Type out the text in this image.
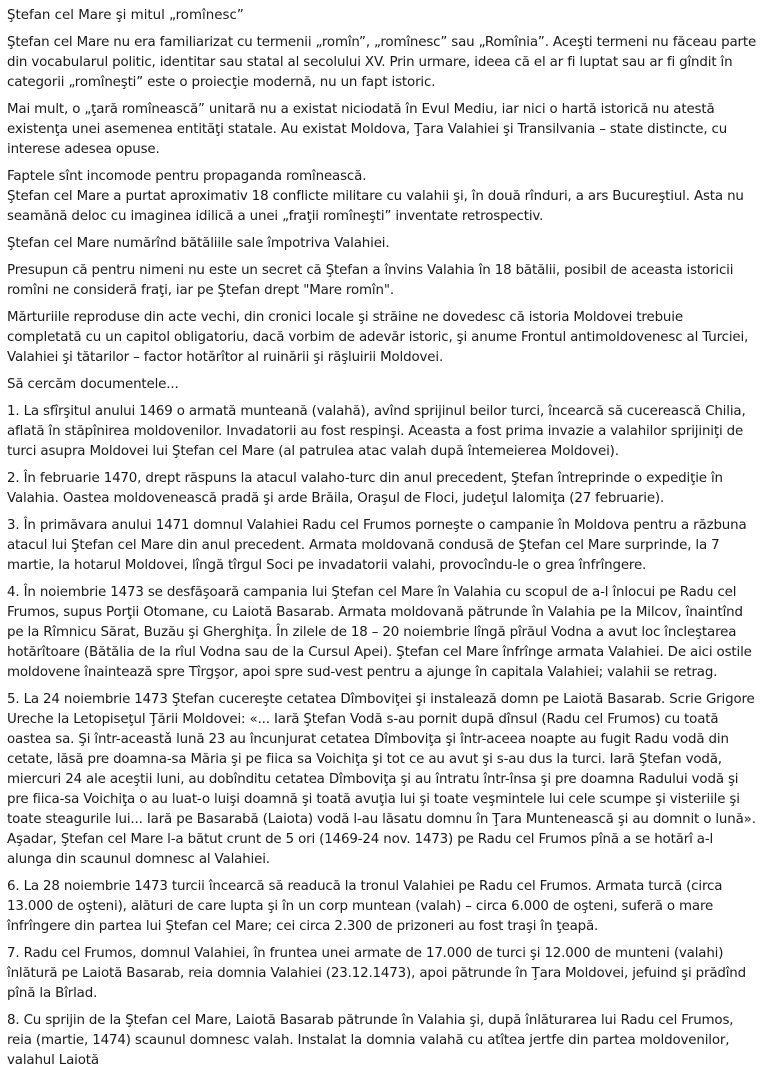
Ştefan cel Mare şi mitul „romînesc”
Ştefan cel Mare nu era familiarizat cu termenii „romîn”, „romînesc” sau „Romînia”. Aceşti termeni nu făceau parte din vocabularul politic, identitar sau statal al secolului XV. Prin urmare, ideea că el ar fi luptat sau ar fi gîndit în categorii „romîneşti” este o proiecţie modernă, nu un fapt istoric.
Mai mult, o „ţară romînească” unitară nu a existat niciodată în Evul Mediu, iar nici o hartă istorică nu atestă existenţa unei asemenea entităţi statale. Au existat Moldova, Ţara Valahiei şi Transilvania – state distincte, cu interese adesea opuse.
Faptele sînt incomode pentru propaganda romînească.
Ştefan cel Mare a purtat aproximativ 18 conflicte militare cu valahii şi, în două rînduri, a ars Bucureştiul. Asta nu seamănă deloc cu imaginea idilică a unei „fraţii romîneşti” inventate retrospectiv.
Ştefan cel Mare numărînd bătăliile sale împotriva Valahiei.
Presupun că pentru nimeni nu este un secret că Ştefan a învins Valahia în 18 bătălii, posibil de aceasta istoricii romîni ne consideră fraţi, iar pe Ştefan drept "Mare romîn".
Mărturiile reproduse din acte vechi, din cronici locale şi străine ne dovedesc că istoria Moldovei trebuie completată cu un capitol obligatoriu, dacă vorbim de adevăr istoric, şi anume Frontul antimoldovenesc al Turciei, Valahiei şi tătarilor – factor hotărîtor al ruinării şi răşluirii Moldovei.
Să cercăm documentele...
1. La sfîrşitul anului 1469 o armată munteană (valahă), avînd sprijinul beilor turci, încearcă să cucerească Chilia, aflată în stăpînirea moldovenilor. Invadatorii au fost respinşi. Aceasta a fost prima invazie a valahilor sprijiniţi de turci asupra Moldovei lui Ştefan cel Mare (al patrulea atac valah după întemeierea Moldovei).
2. În februarie 1470, drept răspuns la atacul valaho-turc din anul precedent, Ştefan întreprinde o expediţie în Valahia. Oastea moldovenească pradă şi arde Brăila, Oraşul de Floci, judeţul Ialomiţa (27 februarie).
3. În primăvara anului 1471 domnul Valahiei Radu cel Frumos porneşte o campanie în Moldova pentru a răzbuna atacul lui Ştefan cel Mare din anul precedent. Armata moldovană condusă de Ştefan cel Mare surprinde, la 7 martie, la hotarul Moldovei, lîngă tîrgul Soci pe invadatorii valahi, provocîndu-le o grea înfrîngere.
4. În noiembrie 1473 se desfăşoară campania lui Ştefan cel Mare în Valahia cu scopul de a-l înlocui pe Radu cel Frumos, supus Porţii Otomane, cu Laiotă Basarab. Armata moldovană pătrunde în Valahia pe la Milcov, înaintînd pe la Rîmnicu Sărat, Buzău şi Gherghiţa. În zilele de 18 – 20 noiembrie lîngă pîrăul Vodna a avut loc încleştarea hotărîtoare (Bătălia de la rîul Vodna sau de la Cursul Apei). Ştefan cel Mare înfrînge armata Valahiei. De aici ostile moldovene înaintează spre Tîrgşor, apoi spre sud-vest pentru a ajunge în capitala Valahiei; valahii se retrag.
5. La 24 noiembrie 1473 Ştefan cucereşte cetatea Dîmboviţei şi instalează domn pe Laiotă Basarab. Scrie Grigore Ureche la Letopiseţul Ţării Moldovei: «... Iară Ştefan Vodă s-au pornit după dînsul (Radu cel Frumos) cu toată oastea sa. Şi într-aceastǎ lună 23 au încunjurat cetatea Dîmboviţa şi într-aceea noapte au fugit Radu vodă din cetate, lăsă pre doamna-sa Măria şi pe fiica sa Voichiţa şi tot ce au avut şi s-au dus la turci. Iară Ştefan vodă, miercuri 24 ale aceştii luni, au dobînditu cetatea Dîmboviţa şi au întratu într-însa şi pre doamna Radului vodă şi pre fiica-sa Voichiţa o au luat-o luişi doamnă şi toată avuţia lui şi toate veşmintele lui cele scumpe şi visteriile şi toate steagurile lui... Iară pe Basarabă (Laiota) vodă l-au lăsatu domnu în Ţara Muntenească şi au domnit o lună». Aşadar, Ştefan cel Mare l-a bătut crunt de 5 ori (1469-24 nov. 1473) pe Radu cel Frumos pînă a se hotărî a-l alunga din scaunul domnesc al Valahiei.
6. La 28 noiembrie 1473 turcii încearcă să readucă la tronul Valahiei pe Radu cel Frumos. Armata turcă (circa 13.000 de oşteni), alături de care lupta şi în un corp muntean (valah) – circa 6.000 de oşteni, suferă o mare înfrîngere din partea lui Ştefan cel Mare; cei circa 2.300 de prizoneri au fost traşi în ţeapă.
7. Radu cel Frumos, domnul Valahiei, în fruntea unei armate de 17.000 de turci şi 12.000 de munteni (valahi) înlătură pe Laiotă Basarab, reia domnia Valahiei (23.12.1473), apoi pătrunde în Ţara Moldovei, jefuind şi prădînd pînă la Bîrlad.
8. Cu sprijin de la Ştefan cel Mare, Laiotă Basarab pătrunde în Valahia şi, după înlăturarea lui Radu cel Frumos, reia (martie, 1474) scaunul domnesc valah. Instalat la domnia valahă cu atîtea jertfe din partea moldovenilor, valahul Laiotă
